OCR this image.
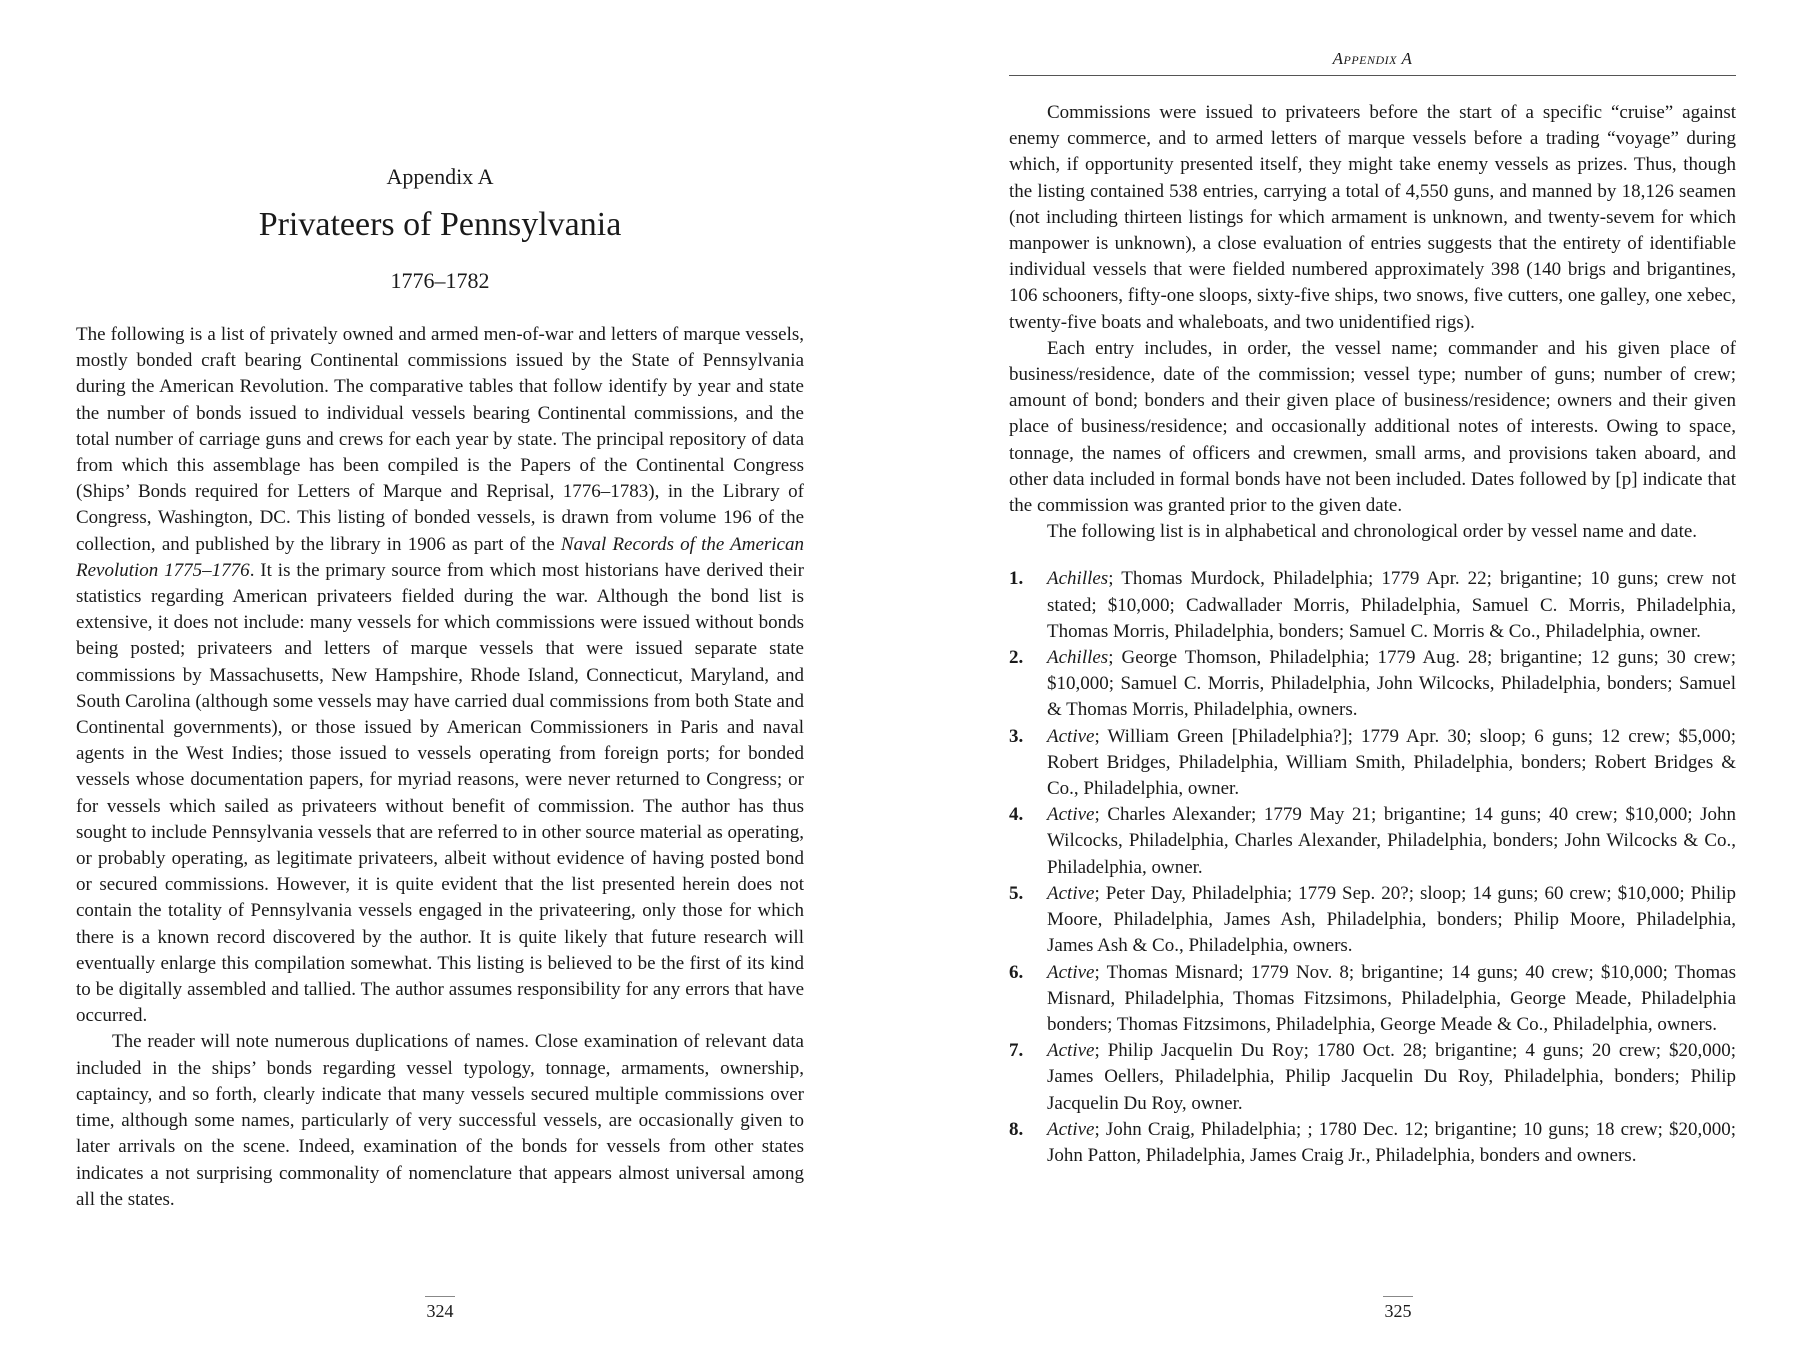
Appendix A
Privateers of Pennsylvania
1776–1782

The following is a list of privately owned and armed men-of-war and letters of marque vessels, mostly bonded craft bearing Continental commissions issued by the State of Pennsylvania during the American Revolution. The comparative tables that follow identify by year and state the number of bonds issued to individual vessels bearing Continental commissions, and the total number of carriage guns and crews for each year by state. The principal repository of data from which this assemblage has been compiled is the Papers of the Continental Congress (Ships’ Bonds required for Letters of Marque and Reprisal, 1776–1783), in the Library of Congress, Washington, DC. This listing of bonded vessels, is drawn from volume 196 of the collection, and published by the library in 1906 as part of the Naval Records of the American Revolution 1775–1776. It is the primary source from which most historians have derived their statistics regarding American privateers fielded during the war. Although the bond list is extensive, it does not include: many vessels for which commissions were issued without bonds being posted; privateers and letters of marque vessels that were issued separate state commissions by Massachusetts, New Hampshire, Rhode Island, Connecticut, Maryland, and South Carolina (although some vessels may have carried dual commissions from both State and Continental governments), or those issued by American Commissioners in Paris and naval agents in the West Indies; those issued to vessels operating from foreign ports; for bonded vessels whose documentation papers, for myriad reasons, were never returned to Congress; or for vessels which sailed as privateers without benefit of commission. The author has thus sought to include Pennsylvania vessels that are referred to in other source material as operating, or probably operating, as legitimate privateers, albeit without evidence of having posted bond or secured commissions. However, it is quite evident that the list presented herein does not contain the totality of Pennsylvania vessels engaged in the privateering, only those for which there is a known record discovered by the author. It is quite likely that future research will eventually enlarge this compilation somewhat. This listing is believed to be the first of its kind to be digitally assembled and tallied. The author assumes responsibility for any errors that have occurred.

The reader will note numerous duplications of names. Close examination of relevant data included in the ships’ bonds regarding vessel typology, tonnage, armaments, ownership, captaincy, and so forth, clearly indicate that many vessels secured multiple commissions over time, although some names, particularly of very successful vessels, are occasionally given to later arrivals on the scene. Indeed, examination of the bonds for vessels from other states indicates a not surprising commonality of nomenclature that appears almost universal among all the states.

324
Appendix A

Commissions were issued to privateers before the start of a specific “cruise” against enemy commerce, and to armed letters of marque vessels before a trading “voyage” during which, if opportunity presented itself, they might take enemy vessels as prizes. Thus, though the listing contained 538 entries, carrying a total of 4,550 guns, and manned by 18,126 seamen (not including thirteen listings for which armament is unknown, and twenty-sevem for which manpower is unknown), a close evaluation of entries suggests that the entirety of identifiable individual vessels that were fielded numbered approximately 398 (140 brigs and brigantines, 106 schooners, fifty-one sloops, sixty-five ships, two snows, five cutters, one galley, one xebec, twenty-five boats and whaleboats, and two unidentified rigs).

Each entry includes, in order, the vessel name; commander and his given place of business/residence, date of the commission; vessel type; number of guns; number of crew; amount of bond; bonders and their given place of business/residence; owners and their given place of business/residence; and occasionally additional notes of interests. Owing to space, tonnage, the names of officers and crewmen, small arms, and provisions taken aboard, and other data included in formal bonds have not been included. Dates followed by [p] indicate that the commission was granted prior to the given date.

The following list is in alphabetical and chronological order by vessel name and date.

1. Achilles; Thomas Murdock, Philadelphia; 1779 Apr. 22; brigantine; 10 guns; crew not stated; $10,000; Cadwallader Morris, Philadelphia, Samuel C. Morris, Philadelphia, Thomas Morris, Philadelphia, bonders; Samuel C. Morris & Co., Philadelphia, owner.
2. Achilles; George Thomson, Philadelphia; 1779 Aug. 28; brigantine; 12 guns; 30 crew; $10,000; Samuel C. Morris, Philadelphia, John Wilcocks, Philadelphia, bonders; Samuel & Thomas Morris, Philadelphia, owners.
3. Active; William Green [Philadelphia?]; 1779 Apr. 30; sloop; 6 guns; 12 crew; $5,000; Robert Bridges, Philadelphia, William Smith, Philadelphia, bonders; Robert Bridges & Co., Philadelphia, owner.
4. Active; Charles Alexander; 1779 May 21; brigantine; 14 guns; 40 crew; $10,000; John Wilcocks, Philadelphia, Charles Alexander, Philadelphia, bonders; John Wilcocks & Co., Philadelphia, owner.
5. Active; Peter Day, Philadelphia; 1779 Sep. 20?; sloop; 14 guns; 60 crew; $10,000; Philip Moore, Philadelphia, James Ash, Philadelphia, bonders; Philip Moore, Philadelphia, James Ash & Co., Philadelphia, owners.
6. Active; Thomas Misnard; 1779 Nov. 8; brigantine; 14 guns; 40 crew; $10,000; Thomas Misnard, Philadelphia, Thomas Fitzsimons, Philadelphia, George Meade, Philadelphia bonders; Thomas Fitzsimons, Philadelphia, George Meade & Co., Philadelphia, owners.
7. Active; Philip Jacquelin Du Roy; 1780 Oct. 28; brigantine; 4 guns; 20 crew; $20,000; James Oellers, Philadelphia, Philip Jacquelin Du Roy, Philadelphia, bonders; Philip Jacquelin Du Roy, owner.
8. Active; John Craig, Philadelphia; ; 1780 Dec. 12; brigantine; 10 guns; 18 crew; $20,000; John Patton, Philadelphia, James Craig Jr., Philadelphia, bonders and owners.
325
